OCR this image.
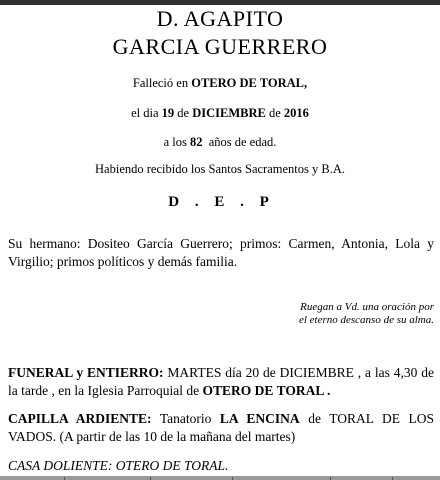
D. AGAPITO
GARCIA GUERRERO
Falleció en OTERO DE TORAL,
el dia 19 de DICIEMBRE de 2016
a los 82  años de edad.
Habiendo recibido los Santos Sacramentos y B.A.
D . E . P
Su hermano: Dositeo García Guerrero; primos: Carmen, Antonia, Lola y Virgilio; primos políticos y demás familia.
Ruegan a Vd. una oración por
el eterno descanso de su alma.
FUNERAL y ENTIERRO: MARTES día 20 de DICIEMBRE , a las 4,30 de la tarde , en la Iglesia Parroquial de OTERO DE TORAL .
CAPILLA ARDIENTE: Tanatorio LA ENCINA de TORAL DE LOS VADOS. (A partir de las 10 de la mañana del martes)
CASA DOLIENTE: OTERO DE TORAL.
